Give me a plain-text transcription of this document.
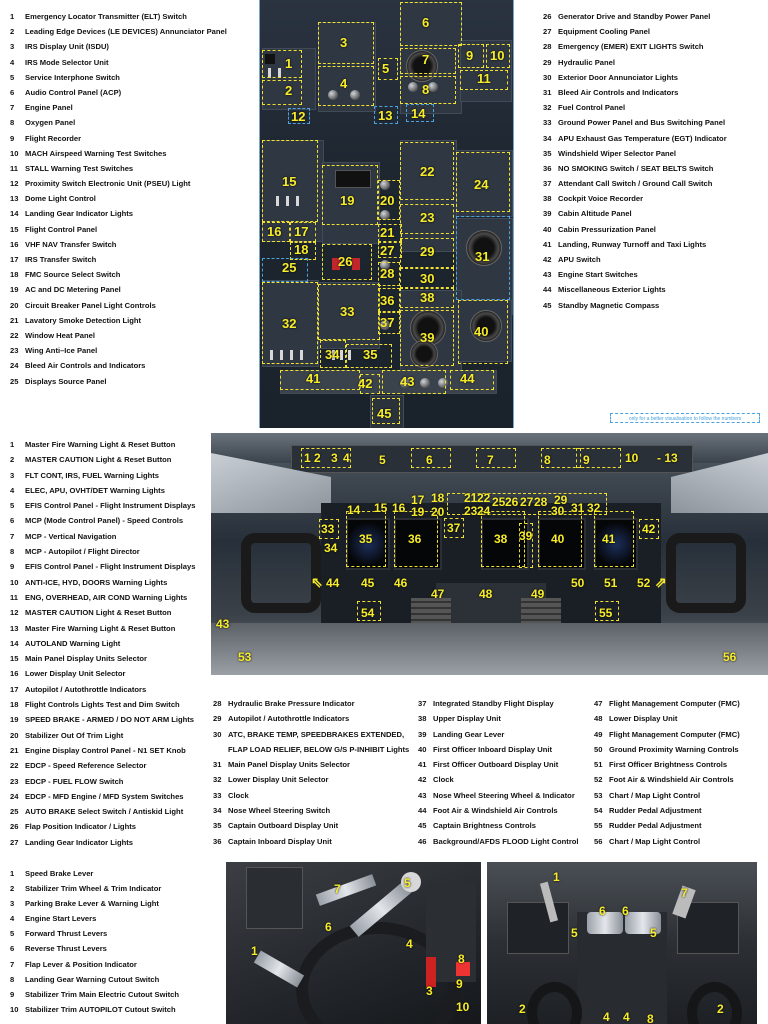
1	Emergency Locator Transmitter (ELT) Switch
2	Leading Edge Devices (LE DEVICES) Annunciator Panel
3	IRS Display Unit (ISDU)
4	IRS Mode Selector Unit
5	Service Interphone Switch
6	Audio Control Panel (ACP)
7	Engine Panel
8	Oxygen Panel
9	Flight Recorder
10 MACH Airspeed Warning Test Switches
11 STALL Warning Test Switches
12 Proximity Switch Electronic Unit (PSEU) Light
13 Dome Light Control
14 Landing Gear Indicator Lights
15 Flight Control Panel
16 VHF NAV Transfer Switch
17 IRS Transfer Switch
18 FMC Source Select Switch
19 AC and DC Metering Panel
20 Circuit Breaker Panel Light Controls
21 Lavatory Smoke Detection Light
22 Window Heat Panel
23 Wing Anti–Ice Panel
24 Bleed Air Controls and Indicators
25 Displays Source Panel
26 Generator Drive and Standby Power Panel
27 Equipment Cooling Panel
28 Emergency (EMER) EXIT LIGHTS Switch
29 Hydraulic Panel
30 Exterior Door Annunciator Lights
31 Bleed Air Controls and Indicators
32 Fuel Control Panel
33 Ground Power Panel and Bus Switching Panel
34 APU Exhaust Gas Temperature (EGT) Indicator
35 Windshield Wiper Selector Panel
36 NO SMOKING Switch / SEAT BELTS Switch
37 Attendant Call Switch / Ground Call Switch
38 Cockpit Voice Recorder
39 Cabin Altitude Panel
40 Cabin Pressurization Panel
41 Landing, Runway Turnoff and Taxi Lights
42 APU Switch
43 Engine Start Switches
44 Miscellaneous Exterior Lights
45 Standby Magnetic Compass
1
2
3
4
5
6
7
8
9 10
11
12	13 14
15
16 17
18
19 20
21
22
23
24
25	26
27
28
29
30
31
32
33
34 35
36
37
38
39	40
41	42 43	44
45	only for a better visualisation to follow the numbers
1	Master Fire Warning Light & Reset Button
2	MASTER CAUTION Light & Reset Button
3	FLT CONT, IRS, FUEL Warning Lights
4	ELEC, APU, OVHT/DET Warning Lights
5	EFIS Control Panel - Flight Instrument Displays
6	MCP (Mode Control Panel) - Speed Controls
7	MCP - Vertical Navigation
8	MCP - Autopilot / Flight Director
9	EFIS Control Panel - Flight Instrument Displays
10 ANTI-ICE, HYD, DOORS Warning Lights
11 ENG, OVERHEAD, AIR COND Warning Lights
12 MASTER CAUTION Light & Reset Button
13 Master Fire Warning Light & Reset Button
14 AUTOLAND Warning Light
15 Main Panel Display Units Selector
16 Lower Display Unit Selector
17 Autopilot / Autothrottle Indicators
18 Flight Controls Lights Test and Dim Switch
19 SPEED BRAKE - ARMED / DO NOT ARM Lights
20 Stabilizer Out Of Trim Light
21 Engine Display Control Panel - N1 SET Knob
22 EDCP - Speed Reference Selector
23 EDCP - FUEL FLOW Switch
24 EDCP - MFD Engine / MFD System Switches
25 AUTO BRAKE Select Switch / Antiskid Light
26 Flap Position Indicator / Lights
27 Landing Gear Indicator Lights
1 2 3 4 5	6	7	8	9	10 - 13
14 15 16
17 18
19 20
21 22
23 24
25 26 27 28 29
30 31 32
33
34
35	36
37
38 39 40	41
42
43
⇖ 44 45 46
47	48	49
50 51 52 ⇗
54	55
53	56
28 Hydraulic Brake Pressure Indicator
29 Autopilot / Autothrottle Indicators
30 ATC, BRAKE TEMP, SPEEDBRAKES EXTENDED,
FLAP LOAD RELIEF, BELOW G/S P-INHIBIT Lights
31 Main Panel Display Units Selector
32 Lower Display Unit Selector
33 Clock
34 Nose Wheel Steering Switch
35 Captain Outboard Display Unit
36 Captain Inboard Display Unit
37 Integrated Standby Flight Display
38 Upper Display Unit
39 Landing Gear Lever
40 First Officer Inboard Display Unit
41 First Officer Outboard Display Unit
42 Clock
43 Nose Wheel Steering Wheel & Indicator
44 Foot Air & Windshield Air Controls
45 Captain Brightness Controls
46 Background/AFDS FLOOD Light Control
47 Flight Management Computer (FMC)
48 Lower Display Unit
49 Flight Management Computer (FMC)
50 Ground Proximity Warning Controls
51 First Officer Brightness Controls
52 Foot Air & Windshield Air Controls
53 Chart / Map Light Control
54 Rudder Pedal Adjustment
55 Rudder Pedal Adjustment
56 Chart / Map Light Control
1	Speed Brake Lever
2	Stabilizer Trim Wheel & Trim Indicator
3	Parking Brake Lever & Warning Light
4	Engine Start Levers
5	Forward Thrust Levers
6	Reverse Thrust Levers
7	Flap Lever & Position Indicator
8	Landing Gear Warning Cutout Switch
9	Stabilizer Trim Main Electric Cutout Switch
10 Stabilizer Trim AUTOPILOT Cutout Switch
7	5
6
1	4
8
9
10
3
1
7
6 6
5	5
2	2
4 4 8
